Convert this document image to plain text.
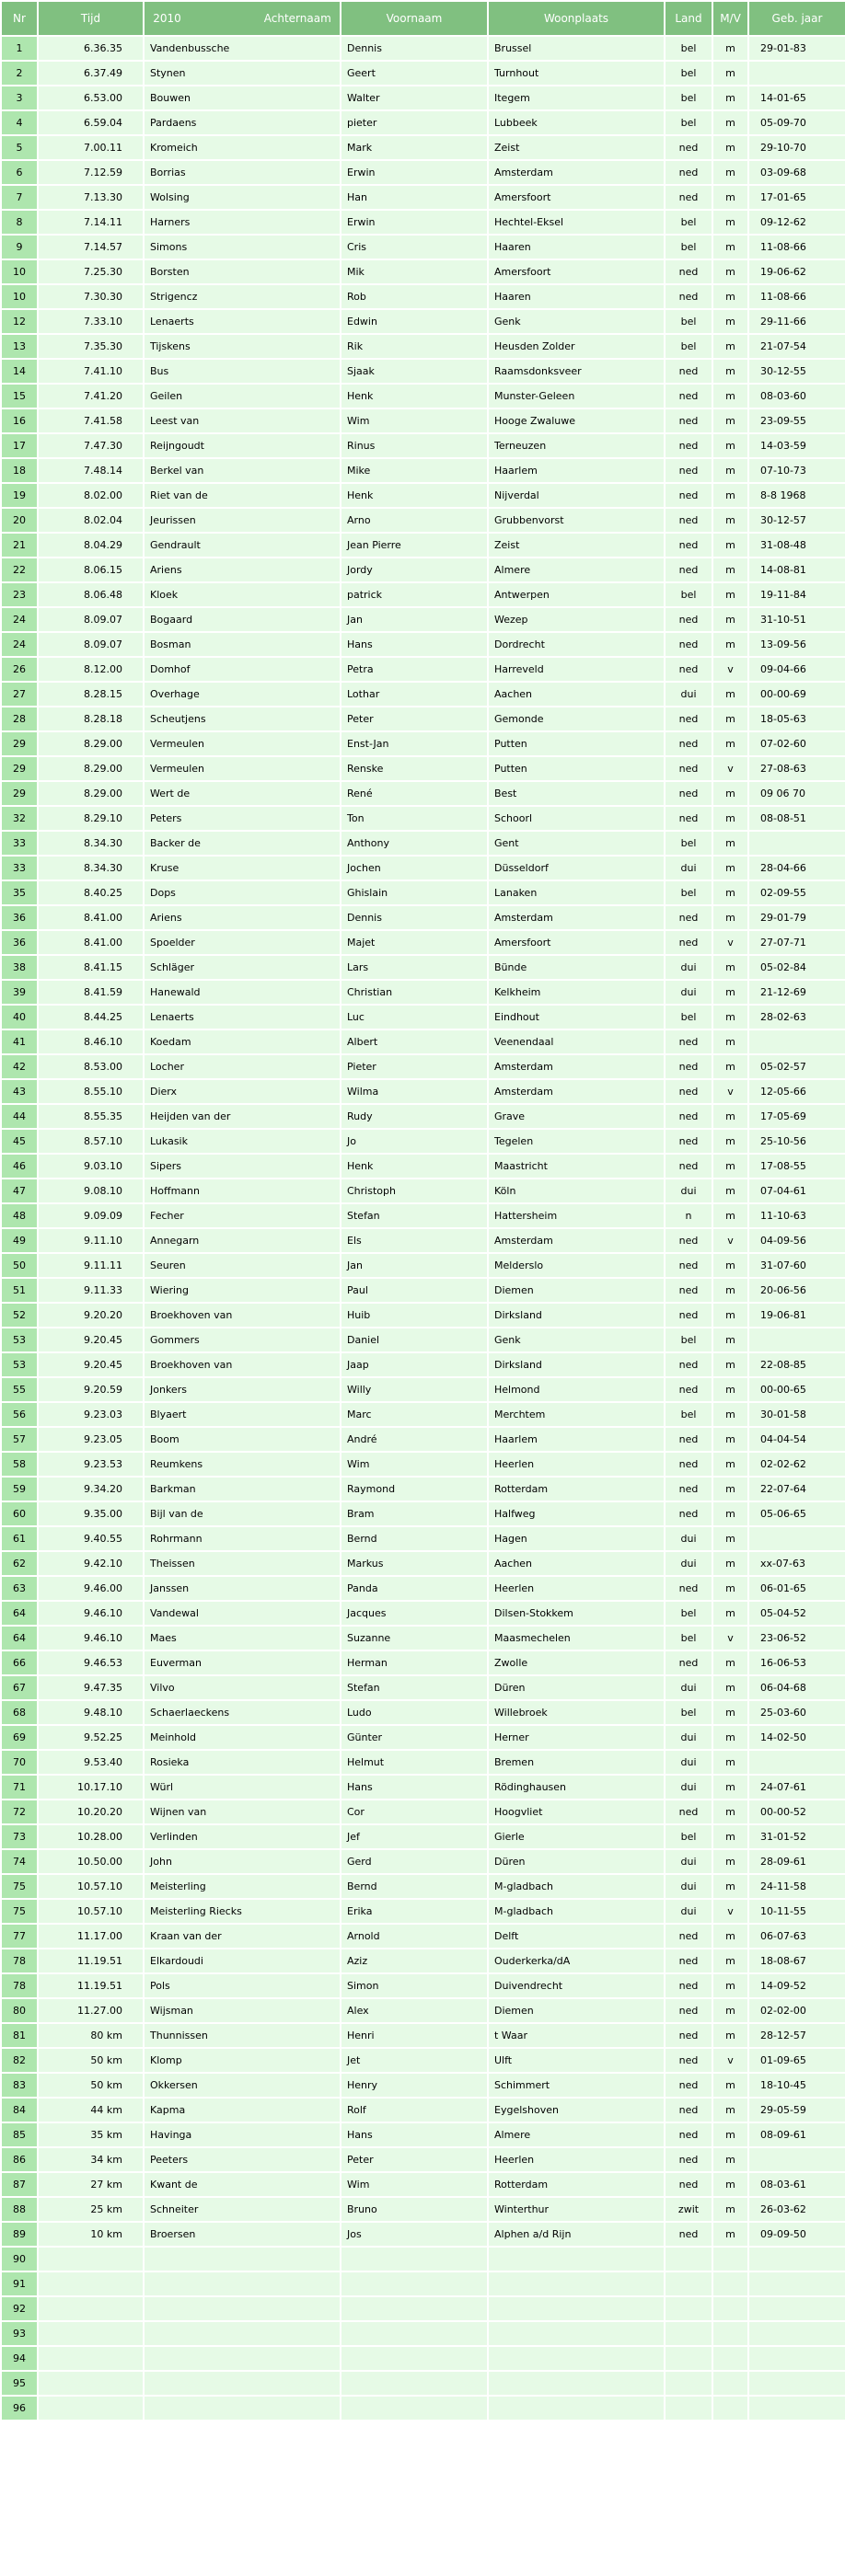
Nr	Tijd	2010 Achternaam	Voornaam	Woonplaats	Land	M/V	Geb. jaar
1	6.36.35	Vandenbussche	Dennis	Brussel	bel	m	29-01-83
2	6.37.49	Stynen	Geert	Turnhout	bel	m	
3	6.53.00	Bouwen	Walter	Itegem	bel	m	14-01-65
4	6.59.04	Pardaens	pieter	Lubbeek	bel	m	05-09-70
5	7.00.11	Kromeich	Mark	Zeist	ned	m	29-10-70
6	7.12.59	Borrias	Erwin	Amsterdam	ned	m	03-09-68
7	7.13.30	Wolsing	Han	Amersfoort	ned	m	17-01-65
8	7.14.11	Harners	Erwin	Hechtel-Eksel	bel	m	09-12-62
9	7.14.57	Simons	Cris	Haaren	bel	m	11-08-66
10	7.25.30	Borsten	Mik	Amersfoort	ned	m	19-06-62
10	7.30.30	Strigencz	Rob	Haaren	ned	m	11-08-66
12	7.33.10	Lenaerts	Edwin	Genk	bel	m	29-11-66
13	7.35.30	Tijskens	Rik	Heusden Zolder	bel	m	21-07-54
14	7.41.10	Bus	Sjaak	Raamsdonksveer	ned	m	30-12-55
15	7.41.20	Geilen	Henk	Munster-Geleen	ned	m	08-03-60
16	7.41.58	Leest van	Wim	Hooge Zwaluwe	ned	m	23-09-55
17	7.47.30	Reijngoudt	Rinus	Terneuzen	ned	m	14-03-59
18	7.48.14	Berkel van	Mike	Haarlem	ned	m	07-10-73
19	8.02.00	Riet van de	Henk	Nijverdal	ned	m	8-8 1968
20	8.02.04	Jeurissen	Arno	Grubbenvorst	ned	m	30-12-57
21	8.04.29	Gendrault	Jean Pierre	Zeist	ned	m	31-08-48
22	8.06.15	Ariens	Jordy	Almere	ned	m	14-08-81
23	8.06.48	Kloek	patrick	Antwerpen	bel	m	19-11-84
24	8.09.07	Bogaard	Jan	Wezep	ned	m	31-10-51
24	8.09.07	Bosman	Hans	Dordrecht	ned	m	13-09-56
26	8.12.00	Domhof	Petra	Harreveld	ned	v	09-04-66
27	8.28.15	Overhage	Lothar	Aachen	dui	m	00-00-69
28	8.28.18	Scheutjens	Peter	Gemonde	ned	m	18-05-63
29	8.29.00	Vermeulen	Enst-Jan	Putten	ned	m	07-02-60
29	8.29.00	Vermeulen	Renske	Putten	ned	v	27-08-63
29	8.29.00	Wert de	René	Best	ned	m	09 06 70
32	8.29.10	Peters	Ton	Schoorl	ned	m	08-08-51
33	8.34.30	Backer de	Anthony	Gent	bel	m	
33	8.34.30	Kruse	Jochen	Düsseldorf	dui	m	28-04-66
35	8.40.25	Dops	Ghislain	Lanaken	bel	m	02-09-55
36	8.41.00	Ariens	Dennis	Amsterdam	ned	m	29-01-79
36	8.41.00	Spoelder	Majet	Amersfoort	ned	v	27-07-71
38	8.41.15	Schläger	Lars	Bünde	dui	m	05-02-84
39	8.41.59	Hanewald	Christian	Kelkheim	dui	m	21-12-69
40	8.44.25	Lenaerts	Luc	Eindhout	bel	m	28-02-63
41	8.46.10	Koedam	Albert	Veenendaal	ned	m	
42	8.53.00	Locher	Pieter	Amsterdam	ned	m	05-02-57
43	8.55.10	Dierx	Wilma	Amsterdam	ned	v	12-05-66
44	8.55.35	Heijden van der	Rudy	Grave	ned	m	17-05-69
45	8.57.10	Lukasik	Jo	Tegelen	ned	m	25-10-56
46	9.03.10	Sipers	Henk	Maastricht	ned	m	17-08-55
47	9.08.10	Hoffmann	Christoph	Köln	dui	m	07-04-61
48	9.09.09	Fecher	Stefan	Hattersheim	n	m	11-10-63
49	9.11.10	Annegarn	Els	Amsterdam	ned	v	04-09-56
50	9.11.11	Seuren	Jan	Melderslo	ned	m	31-07-60
51	9.11.33	Wiering	Paul	Diemen	ned	m	20-06-56
52	9.20.20	Broekhoven van	Huib	Dirksland	ned	m	19-06-81
53	9.20.45	Gommers	Daniel	Genk	bel	m	
53	9.20.45	Broekhoven van	Jaap	Dirksland	ned	m	22-08-85
55	9.20.59	Jonkers	Willy	Helmond	ned	m	00-00-65
56	9.23.03	Blyaert	Marc	Merchtem	bel	m	30-01-58
57	9.23.05	Boom	André	Haarlem	ned	m	04-04-54
58	9.23.53	Reumkens	Wim	Heerlen	ned	m	02-02-62
59	9.34.20	Barkman	Raymond	Rotterdam	ned	m	22-07-64
60	9.35.00	Bijl van de	Bram	Halfweg	ned	m	05-06-65
61	9.40.55	Rohrmann	Bernd	Hagen	dui	m	
62	9.42.10	Theissen	Markus	Aachen	dui	m	xx-07-63
63	9.46.00	Janssen	Panda	Heerlen	ned	m	06-01-65
64	9.46.10	Vandewal	Jacques	Dilsen-Stokkem	bel	m	05-04-52
64	9.46.10	Maes	Suzanne	Maasmechelen	bel	v	23-06-52
66	9.46.53	Euverman	Herman	Zwolle	ned	m	16-06-53
67	9.47.35	Vilvo	Stefan	Düren	dui	m	06-04-68
68	9.48.10	Schaerlaeckens	Ludo	Willebroek	bel	m	25-03-60
69	9.52.25	Meinhold	Günter	Herner	dui	m	14-02-50
70	9.53.40	Rosieka	Helmut	Bremen	dui	m	
71	10.17.10	Würl	Hans	Rödinghausen	dui	m	24-07-61
72	10.20.20	Wijnen van	Cor	Hoogvliet	ned	m	00-00-52
73	10.28.00	Verlinden	Jef	Gierle	bel	m	31-01-52
74	10.50.00	John	Gerd	Düren	dui	m	28-09-61
75	10.57.10	Meisterling	Bernd	M-gladbach	dui	m	24-11-58
75	10.57.10	Meisterling Riecks	Erika	M-gladbach	dui	v	10-11-55
77	11.17.00	Kraan van der	Arnold	Delft	ned	m	06-07-63
78	11.19.51	Elkardoudi	Aziz	Ouderkerka/dA	ned	m	18-08-67
78	11.19.51	Pols	Simon	Duivendrecht	ned	m	14-09-52
80	11.27.00	Wijsman	Alex	Diemen	ned	m	02-02-00
81	80 km	Thunnissen	Henri	t Waar	ned	m	28-12-57
82	50 km	Klomp	Jet	Ulft	ned	v	01-09-65
83	50 km	Okkersen	Henry	Schimmert	ned	m	18-10-45
84	44 km	Kapma	Rolf	Eygelshoven	ned	m	29-05-59
85	35 km	Havinga	Hans	Almere	ned	m	08-09-61
86	34 km	Peeters	Peter	Heerlen	ned	m	
87	27 km	Kwant de	Wim	Rotterdam	ned	m	08-03-61
88	25 km	Schneiter	Bruno	Winterthur	zwit	m	26-03-62
89	10 km	Broersen	Jos	Alphen a/d Rijn	ned	m	09-09-50
90							
91							
92							
93							
94							
95							
96							
